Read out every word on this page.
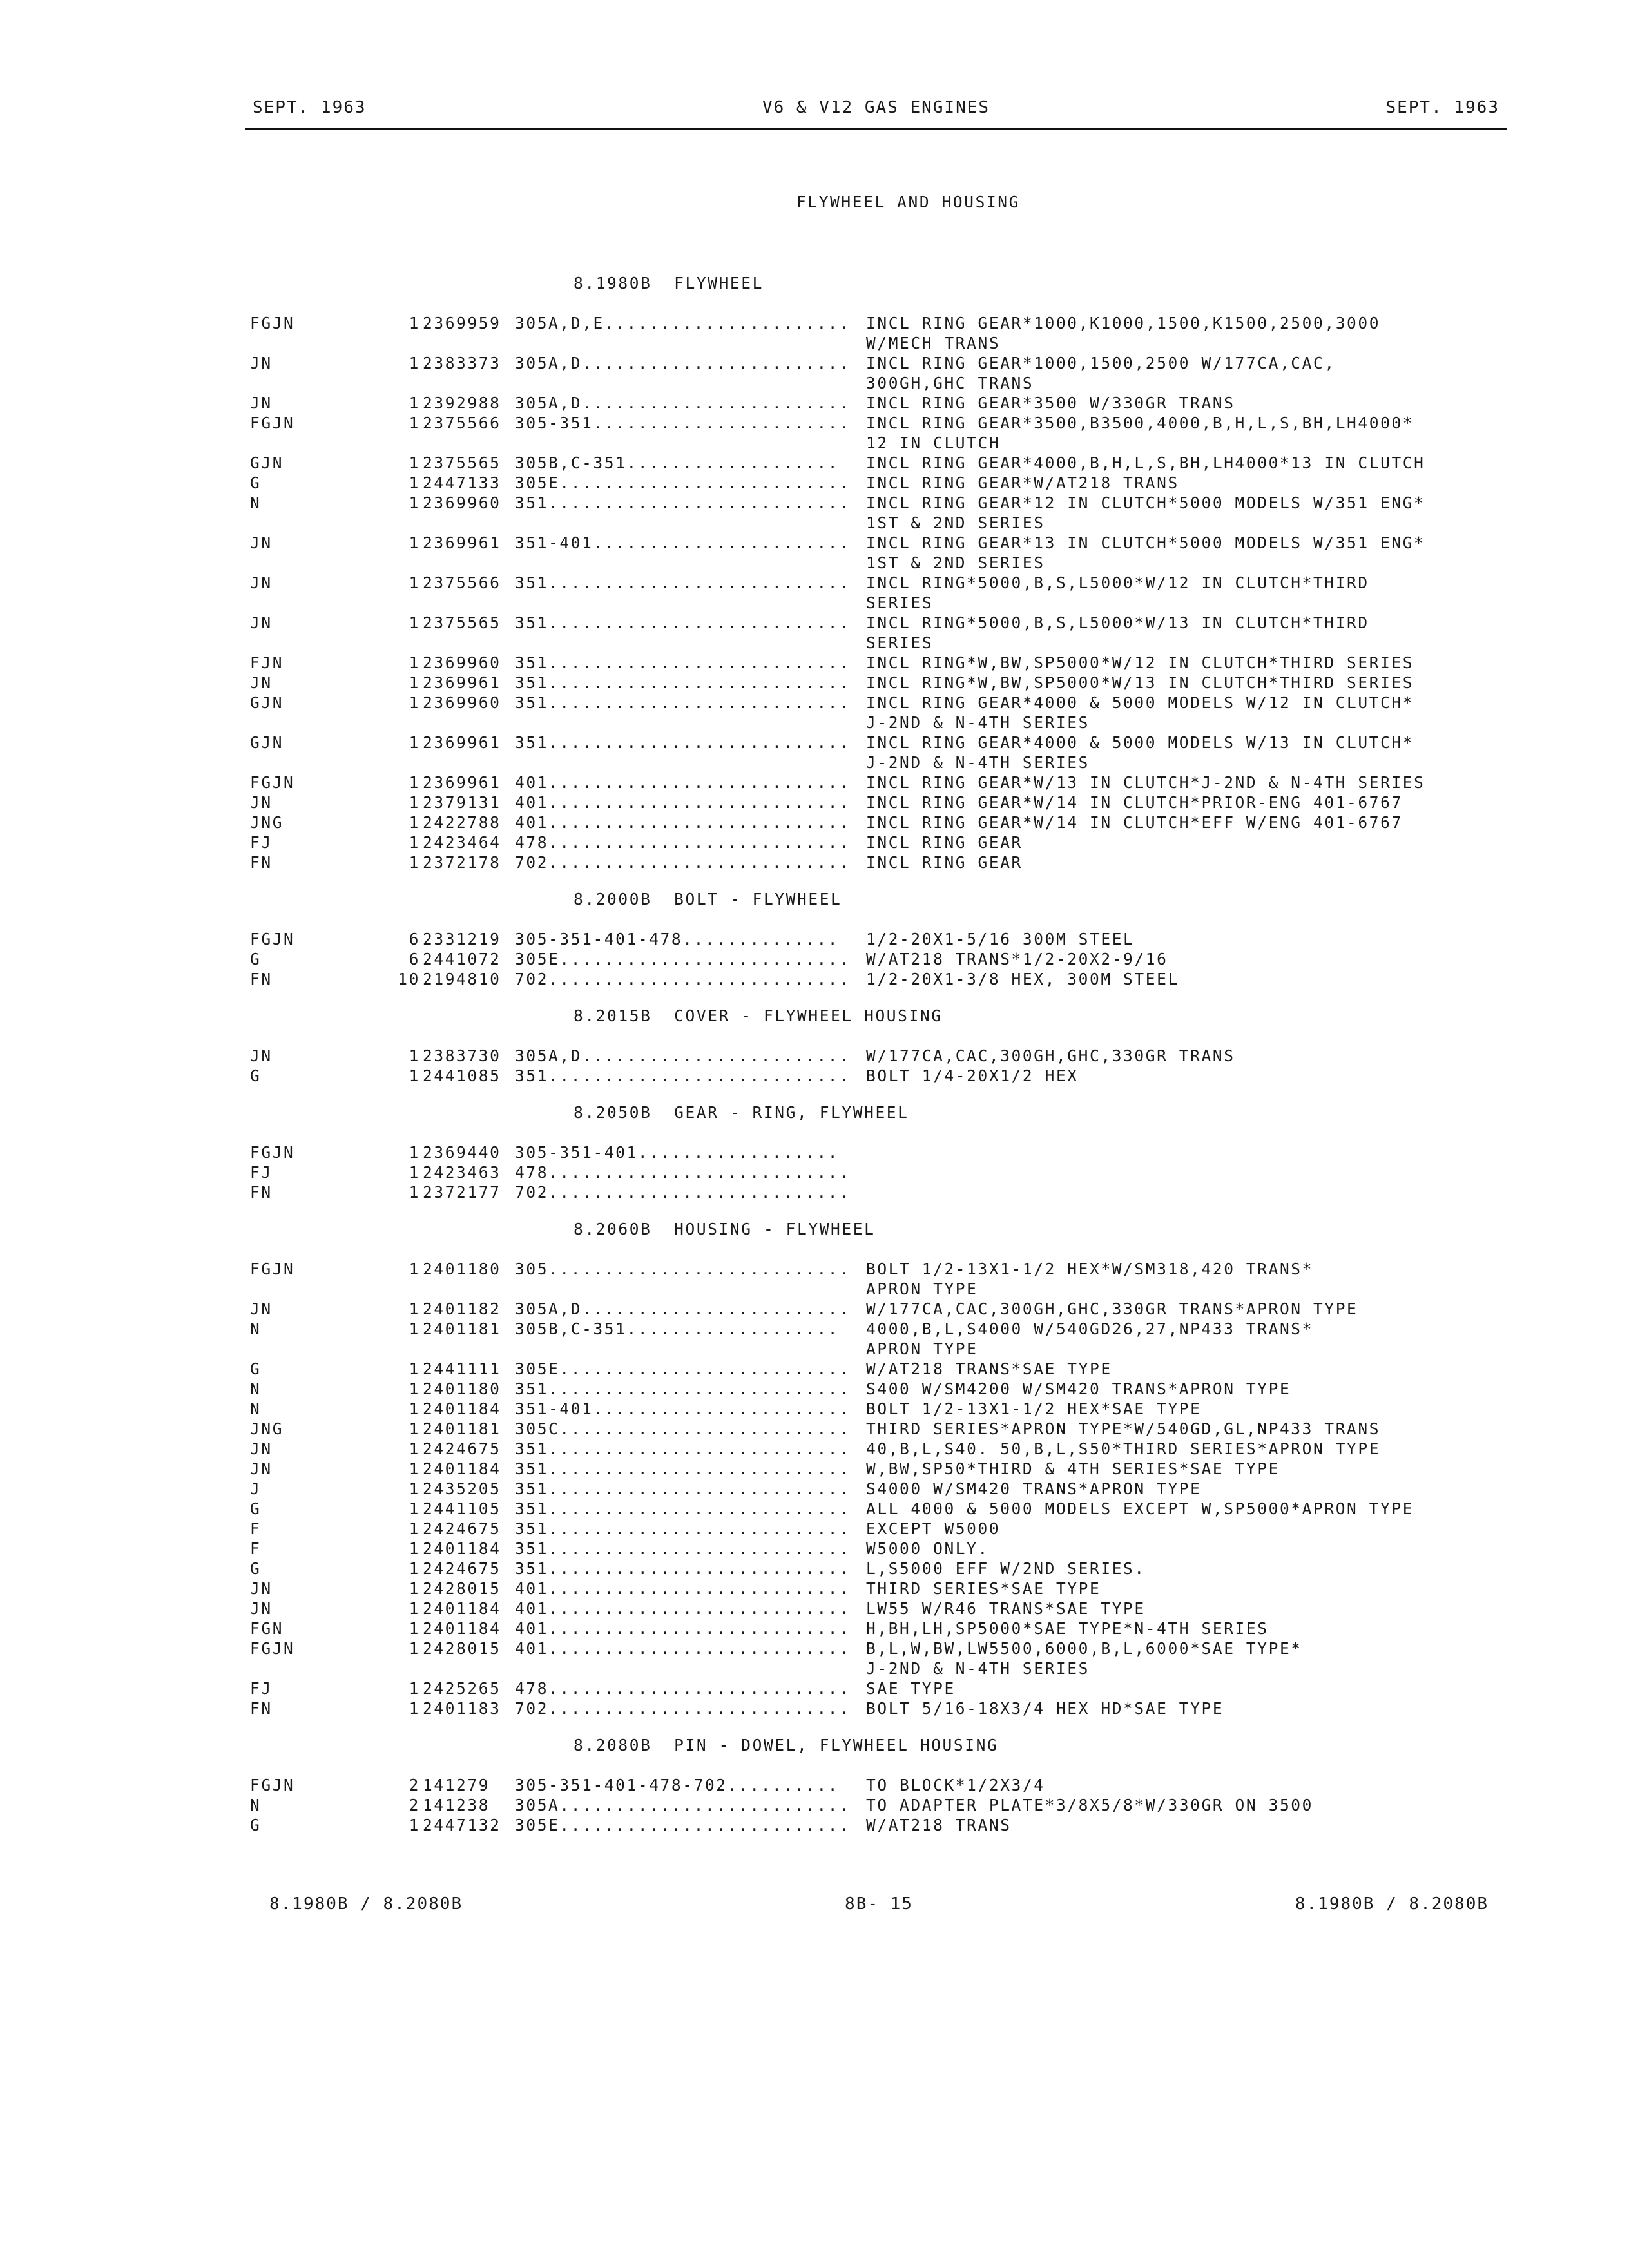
SEPT. 1963	V6 & V12 GAS ENGINES	SEPT. 1963

FLYWHEEL AND HOUSING

8.1980B  FLYWHEEL
FGJN	1 2369959 305A,D,E...................... INCL RING GEAR*1000,K1000,1500,K1500,2500,3000
W/MECH TRANS
JN	1 2383373 305A,D........................ INCL RING GEAR*1000,1500,2500 W/177CA,CAC,
300GH,GHC TRANS
JN	1 2392988 305A,D........................ INCL RING GEAR*3500 W/330GR TRANS
FGJN	1 2375566 305-351....................... INCL RING GEAR*3500,B3500,4000,B,H,L,S,BH,LH4000*
12 IN CLUTCH
GJN	1 2375565 305B,C-351...................	INCL RING GEAR*4000,B,H,L,S,BH,LH4000*13 IN CLUTCH
G	1 2447133 305E.......................... INCL RING GEAR*W/AT218 TRANS
N	1 2369960 351........................... INCL RING GEAR*12 IN CLUTCH*5000 MODELS W/351 ENG*
1ST & 2ND SERIES
JN	1 2369961 351-401....................... INCL RING GEAR*13 IN CLUTCH*5000 MODELS W/351 ENG*
1ST & 2ND SERIES
JN	1 2375566 351........................... INCL RING*5000,B,S,L5000*W/12 IN CLUTCH*THIRD
SERIES
JN	1 2375565 351........................... INCL RING*5000,B,S,L5000*W/13 IN CLUTCH*THIRD
SERIES
FJN	1 2369960 351........................... INCL RING*W,BW,SP5000*W/12 IN CLUTCH*THIRD SERIES
JN	1 2369961 351........................... INCL RING*W,BW,SP5000*W/13 IN CLUTCH*THIRD SERIES
GJN	1 2369960 351........................... INCL RING GEAR*4000 & 5000 MODELS W/12 IN CLUTCH*
J-2ND & N-4TH SERIES
GJN	1 2369961 351........................... INCL RING GEAR*4000 & 5000 MODELS W/13 IN CLUTCH*
J-2ND & N-4TH SERIES
FGJN	1 2369961 401........................... INCL RING GEAR*W/13 IN CLUTCH*J-2ND & N-4TH SERIES
JN	1 2379131 401........................... INCL RING GEAR*W/14 IN CLUTCH*PRIOR-ENG 401-6767
JNG	1 2422788 401........................... INCL RING GEAR*W/14 IN CLUTCH*EFF W/ENG 401-6767
FJ	1 2423464 478........................... INCL RING GEAR
FN	1 2372178 702........................... INCL RING GEAR
8.2000B  BOLT - FLYWHEEL
FGJN	6 2331219 305-351-401-478..............	1/2-20X1-5/16 300M STEEL
G	6 2441072 305E.......................... W/AT218 TRANS*1/2-20X2-9/16
FN	10 2194810 702........................... 1/2-20X1-3/8 HEX, 300M STEEL
8.2015B  COVER - FLYWHEEL HOUSING
JN	1 2383730 305A,D........................ W/177CA,CAC,300GH,GHC,330GR TRANS
G	1 2441085 351........................... BOLT 1/4-20X1/2 HEX
8.2050B  GEAR - RING, FLYWHEEL
FGJN	1 2369440 305-351-401..................
FJ	1 2423463 478...........................
FN	1 2372177 702...........................
8.2060B  HOUSING - FLYWHEEL
FGJN	1 2401180 305........................... BOLT 1/2-13X1-1/2 HEX*W/SM318,420 TRANS*
APRON TYPE
JN	1 2401182 305A,D........................ W/177CA,CAC,300GH,GHC,330GR TRANS*APRON TYPE
N	1 2401181 305B,C-351...................	4000,B,L,S4000 W/540GD26,27,NP433 TRANS*
APRON TYPE
G	1 2441111 305E.......................... W/AT218 TRANS*SAE TYPE
N	1 2401180 351........................... S400 W/SM4200 W/SM420 TRANS*APRON TYPE
N	1 2401184 351-401....................... BOLT 1/2-13X1-1/2 HEX*SAE TYPE
JNG	1 2401181 305C.......................... THIRD SERIES*APRON TYPE*W/540GD,GL,NP433 TRANS
JN	1 2424675 351........................... 40,B,L,S40. 50,B,L,S50*THIRD SERIES*APRON TYPE
JN	1 2401184 351........................... W,BW,SP50*THIRD & 4TH SERIES*SAE TYPE
J	1 2435205 351........................... S4000 W/SM420 TRANS*APRON TYPE
G	1 2441105 351........................... ALL 4000 & 5000 MODELS EXCEPT W,SP5000*APRON TYPE
F	1 2424675 351........................... EXCEPT W5000
F	1 2401184 351........................... W5000 ONLY.
G	1 2424675 351........................... L,S5000 EFF W/2ND SERIES.
JN	1 2428015 401........................... THIRD SERIES*SAE TYPE
JN	1 2401184 401........................... LW55 W/R46 TRANS*SAE TYPE
FGN	1 2401184 401........................... H,BH,LH,SP5000*SAE TYPE*N-4TH SERIES
FGJN	1 2428015 401........................... B,L,W,BW,LW5500,6000,B,L,6000*SAE TYPE*
J-2ND & N-4TH SERIES
FJ	1 2425265 478........................... SAE TYPE
FN	1 2401183 702........................... BOLT 5/16-18X3/4 HEX HD*SAE TYPE
8.2080B  PIN - DOWEL, FLYWHEEL HOUSING
FGJN	2 141279	305-351-401-478-702..........	TO BLOCK*1/2X3/4
N	2 141238	305A.......................... TO ADAPTER PLATE*3/8X5/8*W/330GR ON 3500
G	1 2447132 305E.......................... W/AT218 TRANS

8.1980B / 8.2080B	8B- 15	8.1980B / 8.2080B
